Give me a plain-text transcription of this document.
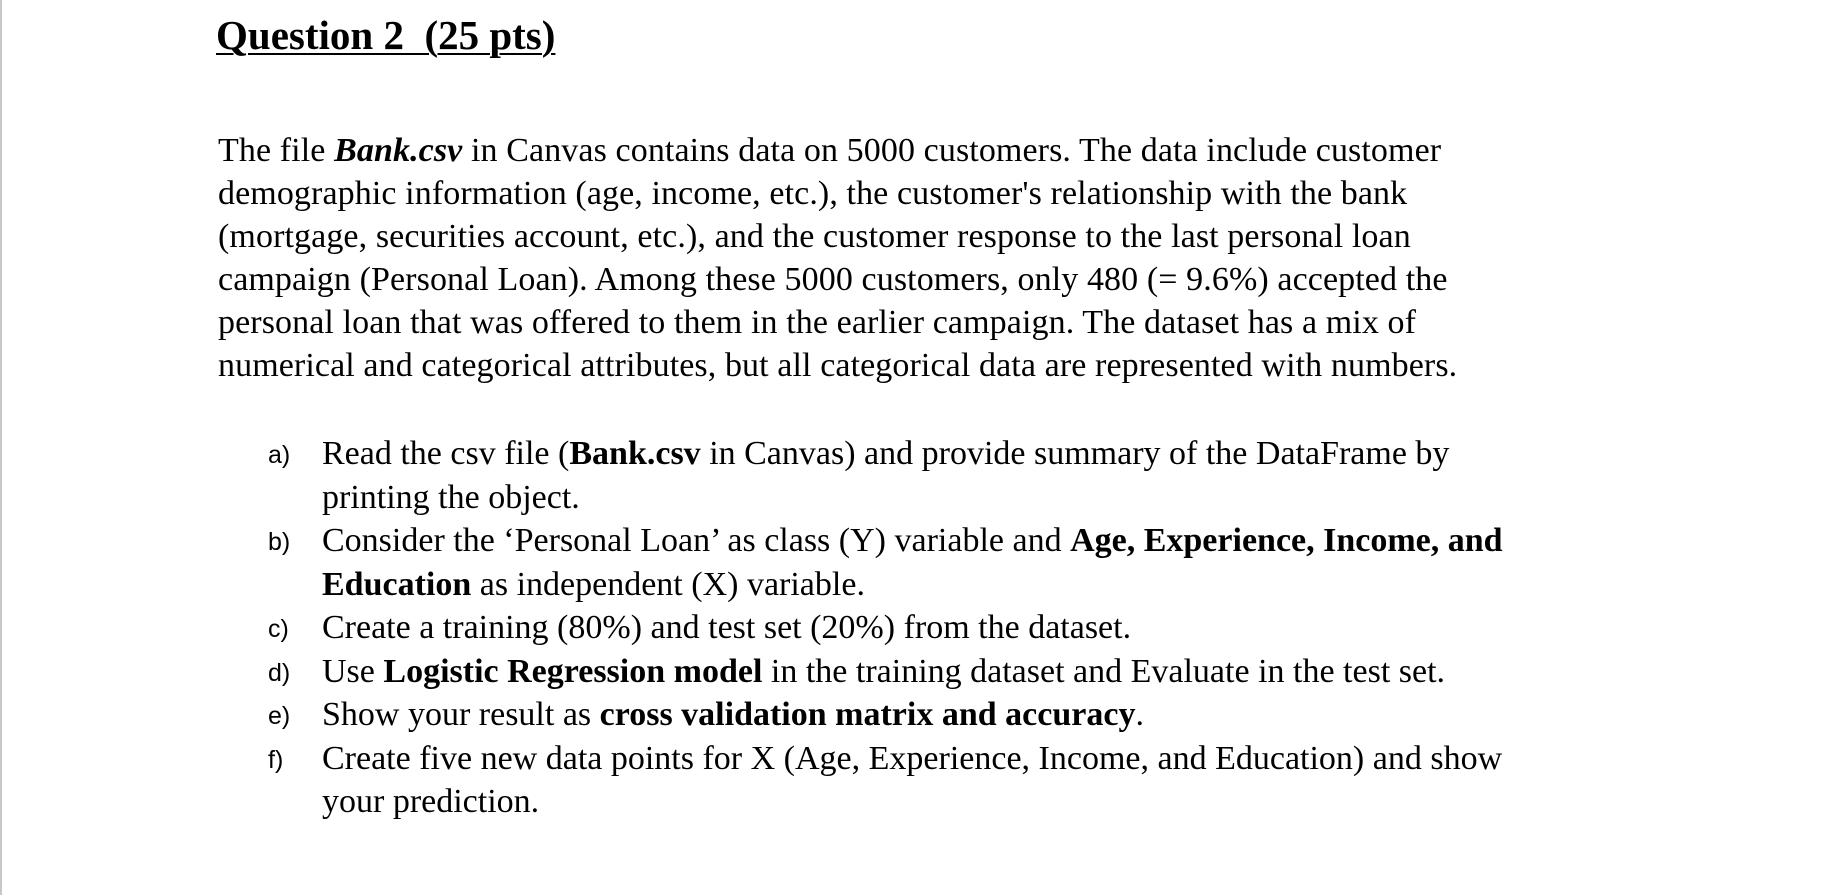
Question 2  (25 pts)

The file Bank.csv in Canvas contains data on 5000 customers. The data include customer
demographic information (age, income, etc.), the customer's relationship with the bank
(mortgage, securities account, etc.), and the customer response to the last personal loan
campaign (Personal Loan). Among these 5000 customers, only 480 (= 9.6%) accepted the
personal loan that was offered to them in the earlier campaign. The dataset has a mix of
numerical and categorical attributes, but all categorical data are represented with numbers.

a) Read the csv file (Bank.csv in Canvas) and provide summary of the DataFrame by
printing the object.
b) Consider the ‘Personal Loan’ as class (Y) variable and Age, Experience, Income, and
Education as independent (X) variable.
c) Create a training (80%) and test set (20%) from the dataset.
d) Use Logistic Regression model in the training dataset and Evaluate in the test set.
e) Show your result as cross validation matrix and accuracy.
f) Create five new data points for X (Age, Experience, Income, and Education) and show
your prediction.
